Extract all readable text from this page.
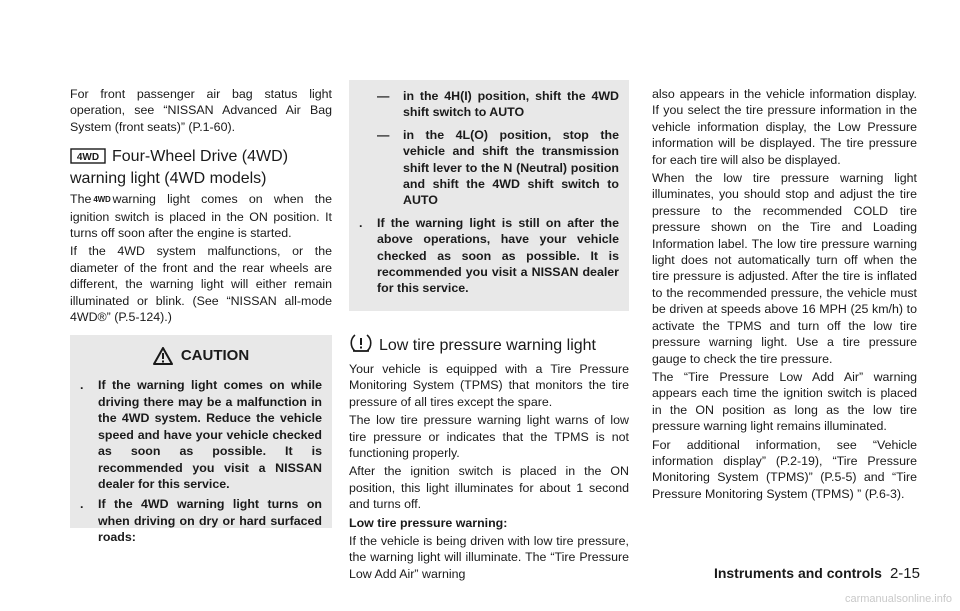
For front passenger air bag status light operation, see “NISSAN Advanced Air Bag System (front seats)” (P.1-60).

4WD Four-Wheel Drive (4WD) warning light (4WD models)

The 4WD warning light comes on when the ignition switch is placed in the ON position. It turns off soon after the engine is started.

If the 4WD system malfunctions, or the diameter of the front and the rear wheels are different, the warning light will either remain illuminated or blink. (See “NISSAN all-mode 4WD®” (P.5-124).)

CAUTION
.	If the warning light comes on while driving there may be a malfunction in the 4WD system. Reduce the vehicle speed and have your vehicle checked as soon as possible. It is recommended you visit a NISSAN dealer for this service.
.	If the 4WD warning light turns on when driving on dry or hard surfaced roads:
—	in the 4H(I) position, shift the 4WD shift switch to AUTO
—	in the 4L(O) position, stop the vehicle and shift the transmission shift lever to the N (Neutral) position and shift the 4WD shift switch to AUTO
.	If the warning light is still on after the above operations, have your vehicle checked as soon as possible. It is recommended you visit a NISSAN dealer for this service.
Low tire pressure warning light

Your vehicle is equipped with a Tire Pressure Monitoring System (TPMS) that monitors the tire pressure of all tires except the spare.

The low tire pressure warning light warns of low tire pressure or indicates that the TPMS is not functioning properly.

After the ignition switch is placed in the ON position, this light illuminates for about 1 second and turns off.

Low tire pressure warning:

If the vehicle is being driven with low tire pressure, the warning light will illuminate. The “Tire Pressure Low Add Air” warning

also appears in the vehicle information display. If you select the tire pressure information in the vehicle information display, the Low Pressure information will be displayed. The tire pressure for each tire will also be displayed.

When the low tire pressure warning light illuminates, you should stop and adjust the tire pressure to the recommended COLD tire pressure shown on the Tire and Loading Information label. The low tire pressure warning light does not automatically turn off when the tire pressure is adjusted. After the tire is inflated to the recommended pressure, the vehicle must be driven at speeds above 16 MPH (25 km/h) to activate the TPMS and turn off the low tire pressure warning light. Use a tire pressure gauge to check the tire pressure.

The “Tire Pressure Low Add Air” warning appears each time the ignition switch is placed in the ON position as long as the low tire pressure warning light remains illuminated.

For additional information, see “Vehicle information display” (P.2-19), “Tire Pressure Monitoring System (TPMS)” (P.5-5) and “Tire Pressure Monitoring System (TPMS) ” (P.6-3).

Instruments and controls 2-15
carmanualsonline.info
